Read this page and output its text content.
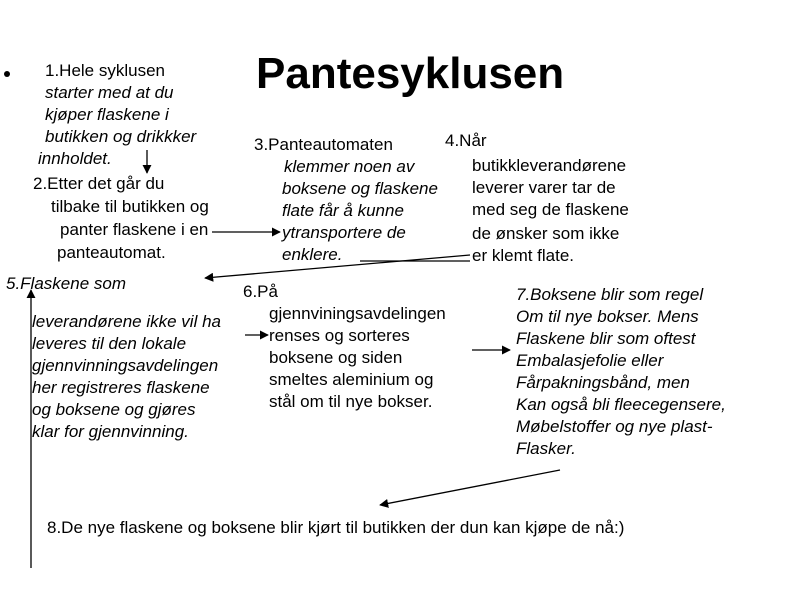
Pantesyklusen

1.Hele syklusen

starter med at du

kjøper flaskene i

butikken og drikkker

innholdet.

2.Etter det går du

tilbake til butikken og

panter flaskene i en

panteautomat.

3.Panteautomaten

klemmer noen av

boksene og flaskene

flate får å kunne

ytransportere de

enklere.

4.Når

butikkleverandørene

leverer varer tar de

med seg de flaskene

de ønsker som ikke

er klemt flate.

5.Flaskene som

leverandørene ikke vil ha

leveres til den lokale

gjennvinningsavdelingen

her registreres flaskene

og boksene og gjøres

klar for gjennvinning.

6.På

gjennviningsavdelingen

renses og sorteres

boksene og siden

smeltes aleminium og

stål om til nye bokser.

7.Boksene blir som regel

Om til nye bokser. Mens

Flaskene blir som oftest

Embalasjefolie eller

Fårpakningsbånd, men

Kan også bli fleecegensere,

Møbelstoffer og nye plast-

Flasker.

8.De nye flaskene og boksene blir kjørt til butikken der dun kan kjøpe de nå:)
